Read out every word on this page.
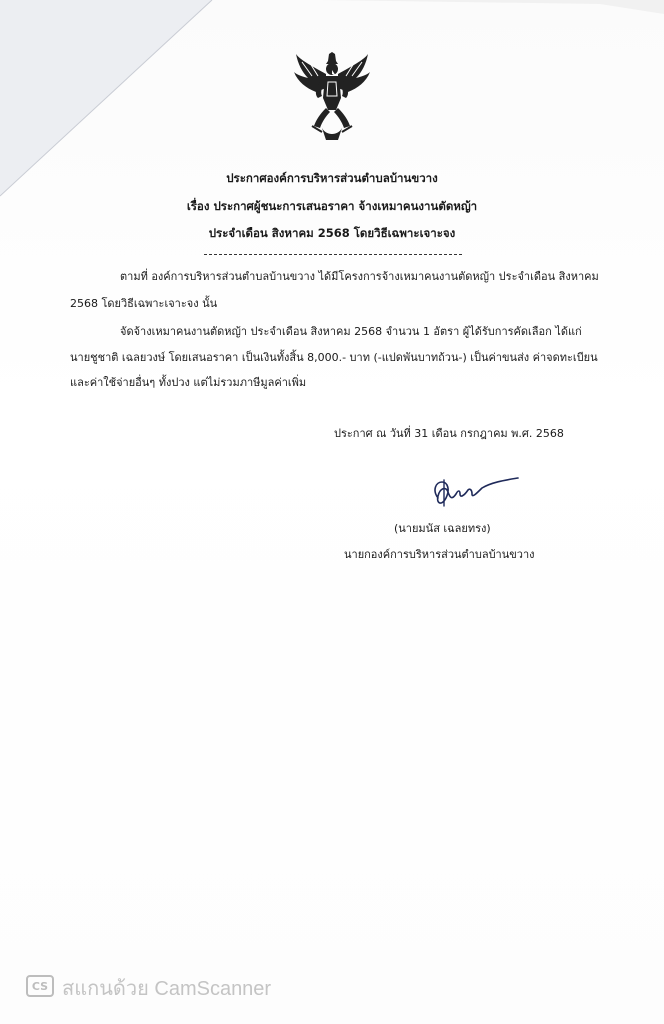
ประกาศองค์การบริหารส่วนตำบลบ้านขวาง
เรื่อง ประกาศผู้ชนะการเสนอราคา จ้างเหมาคนงานตัดหญ้า
ประจำเดือน สิงหาคม 2568 โดยวิธีเฉพาะเจาะจง
ตามที่ องค์การบริหารส่วนตำบลบ้านขวาง ได้มีโครงการจ้างเหมาคนงานตัดหญ้า ประจำเดือน สิงหาคม
2568 โดยวิธีเฉพาะเจาะจง นั้น
จัดจ้างเหมาคนงานตัดหญ้า ประจำเดือน สิงหาคม 2568 จำนวน 1 อัตรา ผู้ได้รับการคัดเลือก ได้แก่
นายชูชาติ เฉลยวงษ์ โดยเสนอราคา เป็นเงินทั้งสิ้น 8,000.- บาท (-แปดพันบาทถ้วน-) เป็นค่าขนส่ง ค่าจดทะเบียน
และค่าใช้จ่ายอื่นๆ ทั้งปวง แต่ไม่รวมภาษีมูลค่าเพิ่ม
ประกาศ ณ วันที่ 31 เดือน กรกฎาคม พ.ศ. 2568
(นายมนัส เฉลยทรง)
นายกองค์การบริหารส่วนตำบลบ้านขวาง
CS สแกนด้วย CamScanner
